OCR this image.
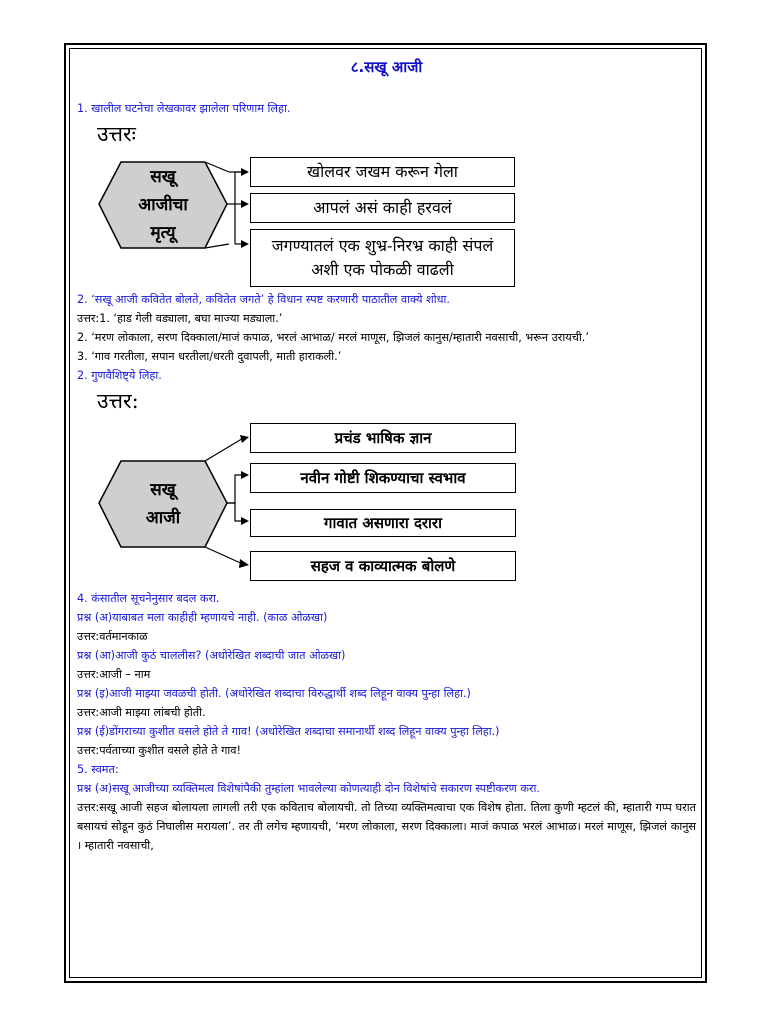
८.सखू आजी

1. खालील घटनेचा लेखकावर झालेला परिणाम लिहा.

उत्तरः
सखू
आजीचा
मृत्यू
खोलवर जखम करून गेला
आपलं असं काही हरवलं
जगण्यातलं एक शुभ्र-निरभ्र काही संपलं अशी एक पोकळी वाढली

2. ‘सखू आजी कवितेत बोलते, कवितेत जगते’ हे विधान स्पष्ट करणारी पाठातील वाक्ये शोधा.

उत्तर:1. ‘हाड गेली वड्याला, बघा माज्या मड्याला.’

2. ‘मरण लोकाला, सरण दिक्काला/माजं कपाळ, भरलं आभाळ/ मरलं माणूस, झिजलं कानुस/म्हातारी नवसाची, भरून उरायची.’

3. ‘गाव गरतीला, सपान धरतीला/धरती दुवापली, माती हाराकली.’

2. गुणवैशिष्ट्ये लिहा.

उत्तर:
सखू
आजी
प्रचंड भाषिक ज्ञान
नवीन गोष्टी शिकण्याचा स्वभाव
गावात असणारा दरारा
सहज व काव्यात्मक बोलणे

4. कंसातील सूचनेनुसार बदल करा.

प्रश्न (अ)याबाबत मला काहीही म्हणायचे नाही. (काळ ओळखा)

उत्तर:वर्तमानकाळ

प्रश्न (आ)आजी कुठं चाललीस? (अधोरेखित शब्दाची जात ओळखा)

उत्तर:आजी – नाम

प्रश्न (इ)आजी माझ्या जवळची होती. (अधोरेखित शब्दाचा विरुद्धार्थी शब्द लिहून वाक्य पुन्हा लिहा.)

उत्तर:आजी माझ्या लांबची होती.

प्रश्न (ई)डोंगराच्या कुशीत वसले होते ते गाव! (अधोरेखित शब्दाचा समानार्थी शब्द लिहून वाक्य पुन्हा लिहा.)

उत्तर:पर्वताच्या कुशीत वसले होते ते गाव!

5. स्वमत:

प्रश्न (अ)सखू आजीच्या व्यक्तिमत्व विशेषांपैकी तुम्हांला भावलेल्या कोणत्याही दोन विशेषांचे सकारण स्पष्टीकरण करा.

उत्तर:सखू आजी सहज बोलायला लागली तरी एक कविताच बोलायची. तो तिच्या व्यक्तिमत्वाचा एक विशेष होता. तिला कुणी म्हटलं की, म्हातारी गप्प घरात बसायचं सोडून कुठं निघालीस मरायला’. तर ती लगेच म्हणायची, ‘मरण लोकाला, सरण दिक्काला। माजं कपाळ भरलं आभाळ। मरलं माणूस, झिजलं कानुस । म्हातारी नवसाची,
